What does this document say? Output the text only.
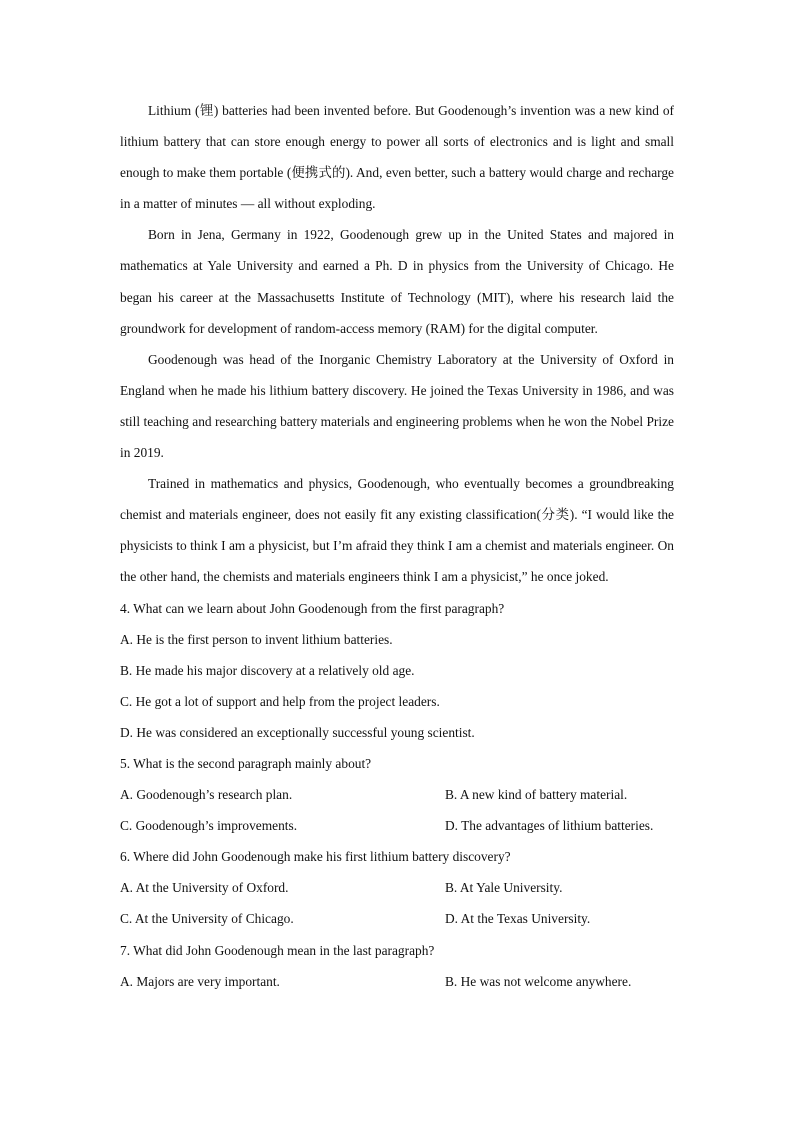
Lithium (锂) batteries had been invented before. But Goodenough’s invention was a new kind of lithium battery that can store enough energy to power all sorts of electronics and is light and small enough to make them portable (便携式的). And, even better, such a battery would charge and recharge in a matter of minutes — all without exploding.

Born in Jena, Germany in 1922, Goodenough grew up in the United States and majored in mathematics at Yale University and earned a Ph. D in physics from the University of Chicago. He began his career at the Massachusetts Institute of Technology (MIT), where his research laid the groundwork for development of random-access memory (RAM) for the digital computer.

Goodenough was head of the Inorganic Chemistry Laboratory at the University of Oxford in England when he made his lithium battery discovery. He joined the Texas University in 1986, and was still teaching and researching battery materials and engineering problems when he won the Nobel Prize in 2019.

Trained in mathematics and physics, Goodenough, who eventually becomes a groundbreaking chemist and materials engineer, does not easily fit any existing classification(分类). “I would like the physicists to think I am a physicist, but I’m afraid they think I am a chemist and materials engineer. On the other hand, the chemists and materials engineers think I am a physicist,” he once joked.

4. What can we learn about John Goodenough from the first paragraph?

A. He is the first person to invent lithium batteries.

B. He made his major discovery at a relatively old age.

C. He got a lot of support and help from the project leaders.

D. He was considered an exceptionally successful young scientist.

5. What is the second paragraph mainly about?

A. Goodenough’s research plan.	B. A new kind of battery material.
C. Goodenough’s improvements.	D. The advantages of lithium batteries.

6. Where did John Goodenough make his first lithium battery discovery?

A. At the University of Oxford.	B. At Yale University.
C. At the University of Chicago.	D. At the Texas University.

7. What did John Goodenough mean in the last paragraph?

A. Majors are very important.	B. He was not welcome anywhere.
